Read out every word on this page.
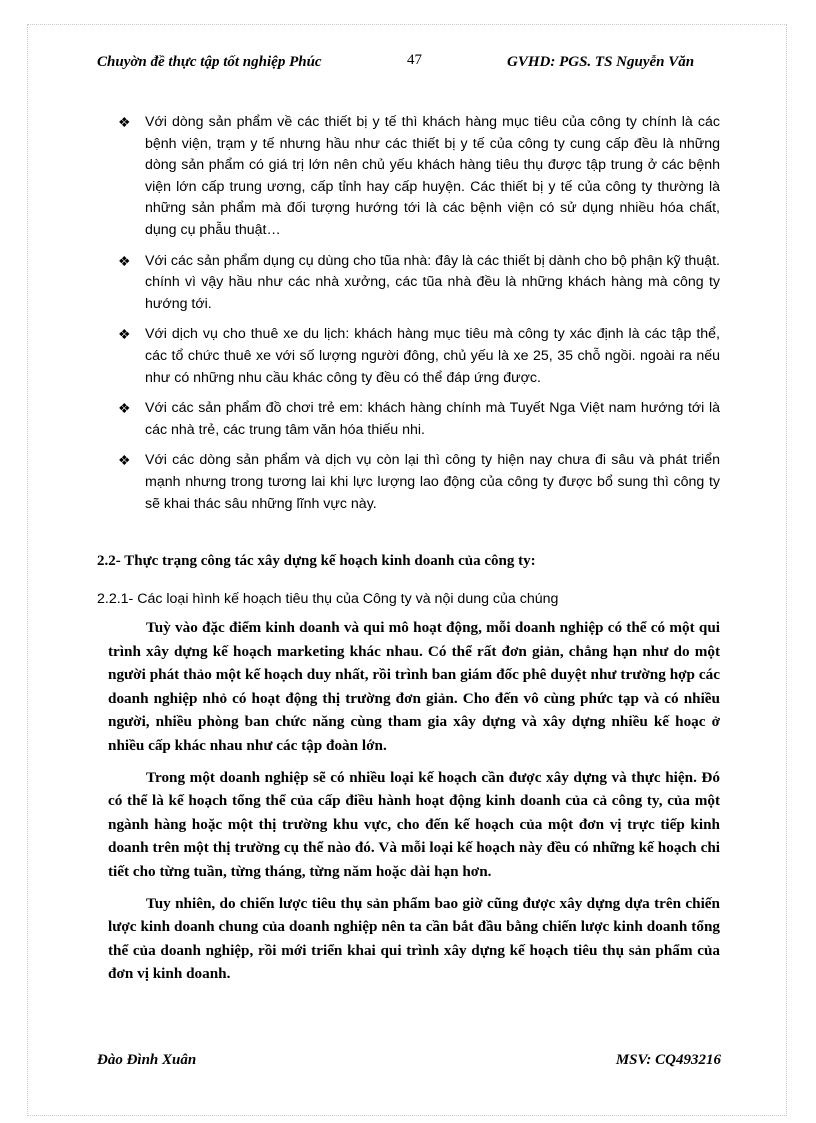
Chuyờn đề thực tập tốt nghiệp Phúc	47	GVHD: PGS. TS Nguyễn Văn
❖ Với dòng sản phẩm về các thiết bị y tế thì khách hàng mục tiêu của công ty chính là các bệnh viện, trạm y tế nhưng hầu như các thiết bị y tế của công ty cung cấp đều là những dòng sản phẩm có giá trị lớn nên chủ yếu khách hàng tiêu thụ được tập trung ở các bệnh viện lớn cấp trung ương, cấp tỉnh hay cấp huyện. Các thiết bị y tế của công ty thường là những sản phẩm mà đối tượng hướng tới là các bệnh viện có sử dụng nhiều hóa chất, dụng cụ phẫu thuật…
❖ Với các sản phẩm dụng cụ dùng cho tũa nhà: đây là các thiết bị dành cho bộ phận kỹ thuật. chính vì vậy hầu như các nhà xưởng, các tũa nhà đều là những khách hàng mà công ty hướng tới.
❖ Với dịch vụ cho thuê xe du lịch: khách hàng mục tiêu mà công ty xác định là các tập thể, các tổ chức thuê xe với số lượng người đông, chủ yếu là xe 25, 35 chỗ ngồi. ngoài ra nếu như có những nhu cầu khác công ty đều có thể đáp ứng được.
❖ Với các sản phẩm đồ chơi trẻ em: khách hàng chính mà Tuyết Nga Việt nam hướng tới là các nhà trẻ, các trung tâm văn hóa thiếu nhi.
❖ Với các dòng sản phẩm và dịch vụ còn lại thì công ty hiện nay chưa đi sâu và phát triển mạnh nhưng trong tương lai khi lực lượng lao động của công ty được bổ sung thì công ty sẽ khai thác sâu những lĩnh vực này.
2.2- Thực trạng công tác xây dựng kế hoạch kinh doanh của công ty:
2.2.1- Các loại hình kế hoạch tiêu thụ của Công ty và nội dung của chúng

Tuỳ vào đặc điểm kinh doanh và qui mô hoạt động, mỗi doanh nghiệp có thể có một qui trình xây dựng kế hoạch marketing khác nhau. Có thể rất đơn giản, chẳng hạn như do một người phát thảo một kế hoạch duy nhất, rồi trình ban giám đốc phê duyệt như trường hợp các doanh nghiệp nhỏ có hoạt động thị trường đơn giản. Cho đến vô cùng phức tạp và có nhiều người, nhiều phòng ban chức năng cùng tham gia xây dựng và xây dựng nhiều kế hoạc ở nhiều cấp khác nhau như các tập đoàn lớn.

Trong một doanh nghiệp sẽ có nhiều loại kế hoạch cần được xây dựng và thực hiện. Đó có thể là kế hoạch tổng thể của cấp điều hành hoạt động kinh doanh của cả công ty, của một ngành hàng hoặc một thị trường khu vực, cho đến kế hoạch của một đơn vị trực tiếp kinh doanh trên một thị trường cụ thể nào đó. Và mỗi loại kế hoạch này đều có những kế hoạch chi tiết cho từng tuần, từng tháng, từng năm hoặc dài hạn hơn.

Tuy nhiên, do chiến lược tiêu thụ sản phẩm bao giờ cũng được xây dựng dựa trên chiến lược kinh doanh chung của doanh nghiệp nên ta cần bắt đầu bằng chiến lược kinh doanh tổng thể của doanh nghiệp, rồi mới triển khai qui trình xây dựng kế hoạch tiêu thụ sản phẩm của đơn vị kinh doanh.

Đào Đình Xuân	MSV: CQ493216
